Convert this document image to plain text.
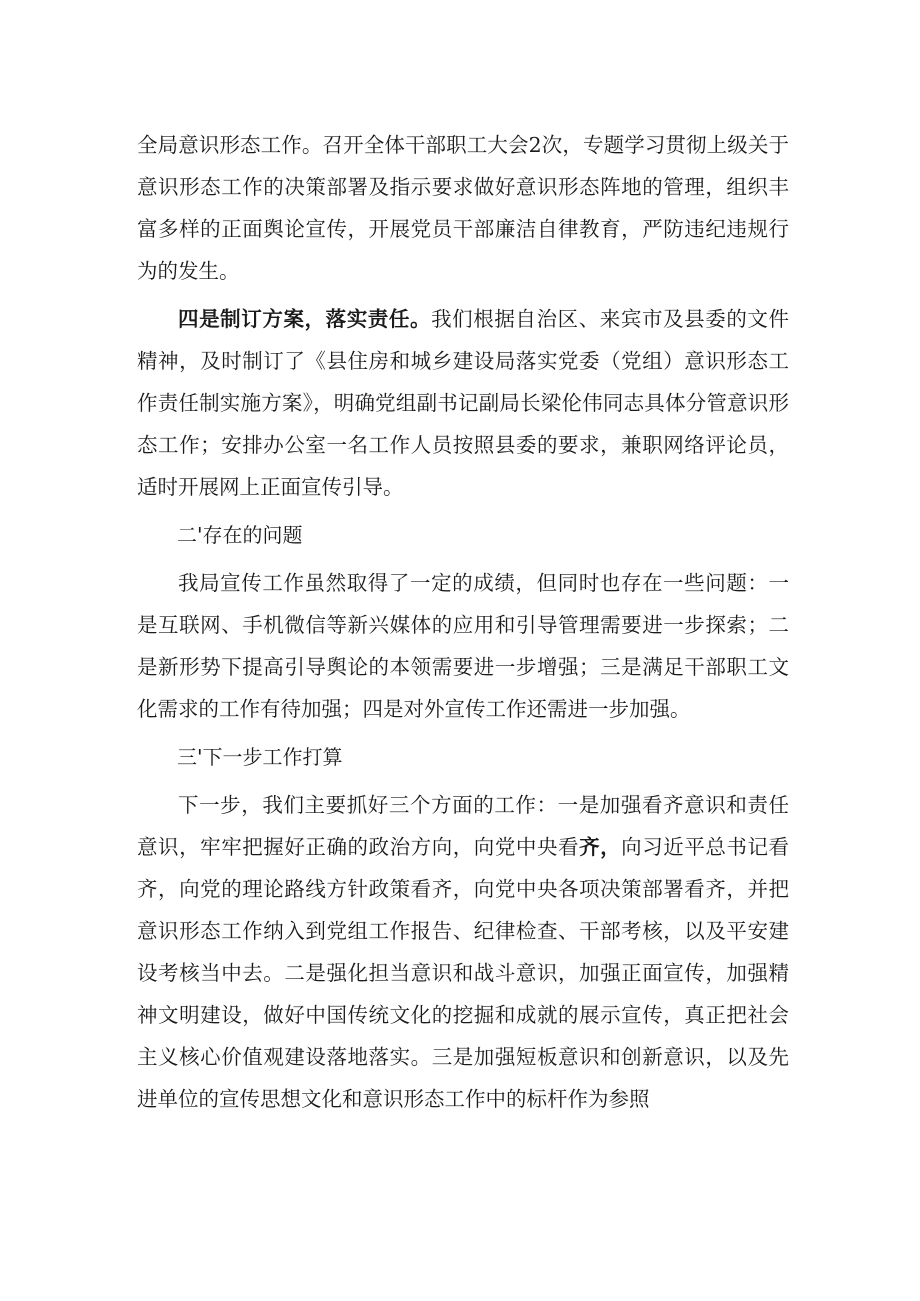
全局意识形态工作。召开全体干部职工大会2次，专题学习贯彻上级关于意识形态工作的决策部署及指示要求做好意识形态阵地的管理，组织丰富多样的正面舆论宣传，开展党员干部廉洁自律教育，严防违纪违规行为的发生。

四是制订方案，落实责任。我们根据自治区、来宾市及县委的文件精神，及时制订了《县住房和城乡建设局落实党委（党组）意识形态工作责任制实施方案》，明确党组副书记副局长梁伦伟同志具体分管意识形态工作；安排办公室一名工作人员按照县委的要求，兼职网络评论员，适时开展网上正面宣传引导。

二'存在的问题

我局宣传工作虽然取得了一定的成绩，但同时也存在一些问题：一是互联网、手机微信等新兴媒体的应用和引导管理需要进一步探索；二是新形势下提高引导舆论的本领需要进一步增强；三是满足干部职工文化需求的工作有待加强；四是对外宣传工作还需进一步加强。

三'下一步工作打算

下一步，我们主要抓好三个方面的工作：一是加强看齐意识和责任意识，牢牢把握好正确的政治方向，向党中央看齐，向习近平总书记看齐，向党的理论路线方针政策看齐，向党中央各项决策部署看齐，并把意识形态工作纳入到党组工作报告、纪律检查、干部考核，以及平安建设考核当中去。二是强化担当意识和战斗意识，加强正面宣传，加强精神文明建设，做好中国传统文化的挖掘和成就的展示宣传，真正把社会主义核心价值观建设落地落实。三是加强短板意识和创新意识，以及先进单位的宣传思想文化和意识形态工作中的标杆作为参照
